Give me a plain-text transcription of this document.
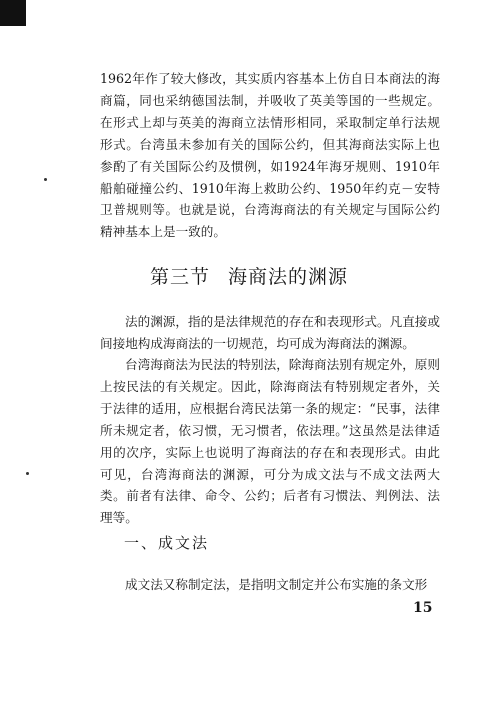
1962年作了较大修改，其实质内容基本上仿自日本商法的海商篇，同也采纳德国法制，并吸收了英美等国的一些规定。在形式上却与英美的海商立法情形相同，采取制定单行法规形式。台湾虽未参加有关的国际公约，但其海商法实际上也参酌了有关国际公约及惯例，如1924年海牙规则、1910年船舶碰撞公约、1910年海上救助公约、1950年约克－安特卫普规则等。也就是说，台湾海商法的有关规定与国际公约精神基本上是一致的。

第三节 海商法的渊源

法的渊源，指的是法律规范的存在和表现形式。凡直接或间接地构成海商法的一切规范，均可成为海商法的渊源。

台湾海商法为民法的特别法，除海商法别有规定外，原则上按民法的有关规定。因此，除海商法有特别规定者外，关于法律的适用，应根据台湾民法第一条的规定：“民事，法律所未规定者，依习惯，无习惯者，依法理。”这虽然是法律适用的次序，实际上也说明了海商法的存在和表现形式。由此可见，台湾海商法的渊源，可分为成文法与不成文法两大类。前者有法律、命令、公约；后者有习惯法、判例法、法理等。

一、成文法

成文法又称制定法，是指明文制定并公布实施的条文形

15
